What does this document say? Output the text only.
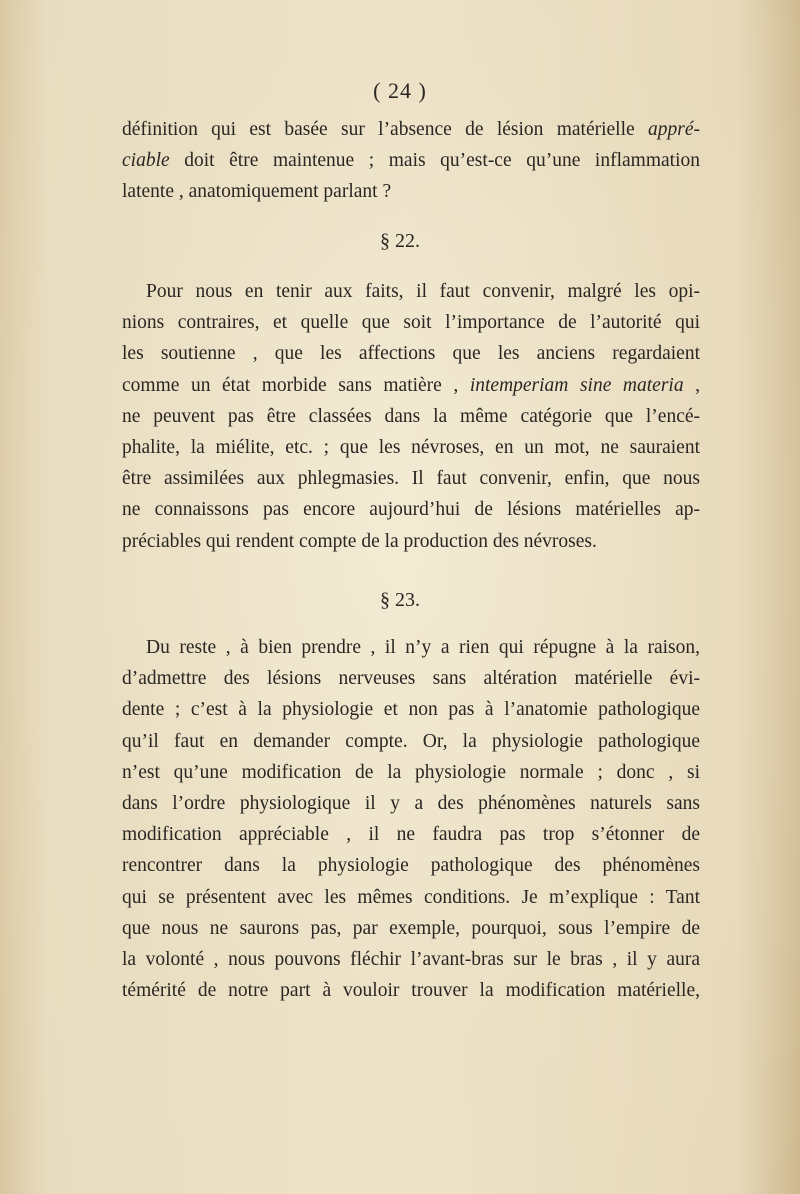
( 24 )
définition qui est basée sur l’absence de lésion matérielle appré-
ciable doit être maintenue ; mais qu’est-ce qu’une inflammation
latente , anatomiquement parlant ?
§ 22.
Pour nous en tenir aux faits, il faut convenir, malgré les opi-
nions contraires, et quelle que soit l’importance de l’autorité qui
les soutienne , que les affections que les anciens regardaient
comme un état morbide sans matière , intemperiam sine materia ,
ne peuvent pas être classées dans la même catégorie que l’encé-
phalite, la miélite, etc. ; que les névroses, en un mot, ne sauraient
être assimilées aux phlegmasies. Il faut convenir, enfin, que nous
ne connaissons pas encore aujourd’hui de lésions matérielles ap-
préciables qui rendent compte de la production des névroses.
§ 23.
Du reste , à bien prendre , il n’y a rien qui répugne à la raison,
d’admettre des lésions nerveuses sans altération matérielle évi-
dente ; c’est à la physiologie et non pas à l’anatomie pathologique
qu’il faut en demander compte. Or, la physiologie pathologique
n’est qu’une modification de la physiologie normale ; donc , si
dans l’ordre physiologique il y a des phénomènes naturels sans
modification appréciable , il ne faudra pas trop s’étonner de
rencontrer dans la physiologie pathologique des phénomènes
qui se présentent avec les mêmes conditions. Je m’explique : Tant
que nous ne saurons pas, par exemple, pourquoi, sous l’empire de
la volonté , nous pouvons fléchir l’avant-bras sur le bras , il y aura
témérité de notre part à vouloir trouver la modification matérielle,
